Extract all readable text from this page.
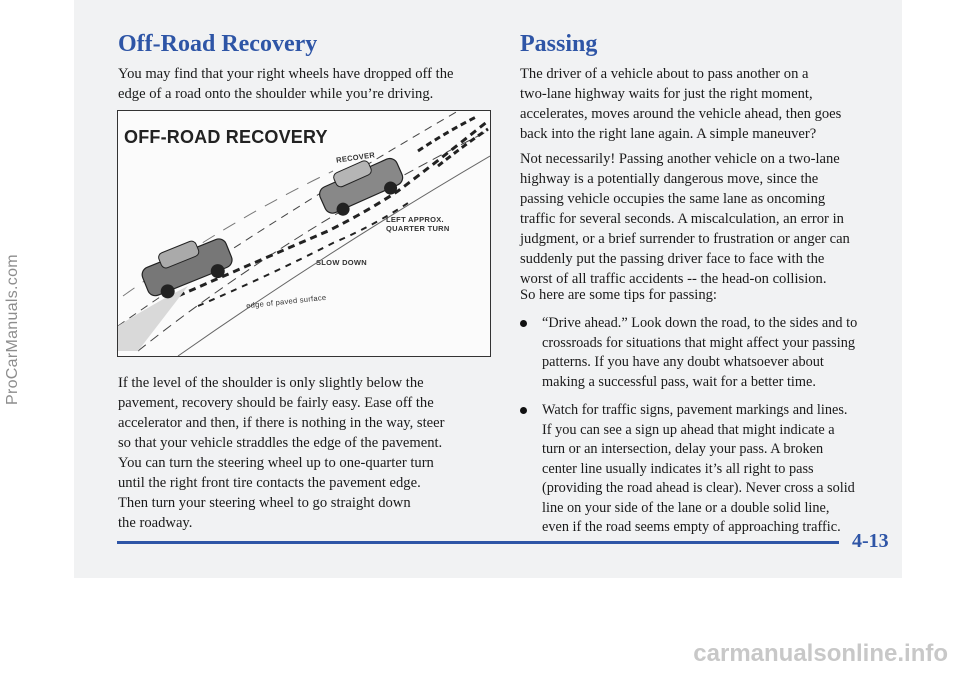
ProCarManuals.com
Off-Road Recovery
You may find that your right wheels have dropped off the
edge of a road onto the shoulder while you’re driving.
OFF-ROAD RECOVERY
RECOVER
LEFT APPROX.
QUARTER TURN
SLOW DOWN
edge of paved surface
If the level of the shoulder is only slightly below the
pavement, recovery should be fairly easy. Ease off the
accelerator and then, if there is nothing in the way, steer
so that your vehicle straddles the edge of the pavement.
You can turn the steering wheel up to one-quarter turn
until the right front tire contacts the pavement edge.
Then turn your steering wheel to go straight down
the roadway.
Passing
The driver of a vehicle about to pass another on a
two-lane highway waits for just the right moment,
accelerates, moves around the vehicle ahead, then goes
back into the right lane again. A simple maneuver?
Not necessarily! Passing another vehicle on a two-lane
highway is a potentially dangerous move, since the
passing vehicle occupies the same lane as oncoming
traffic for several seconds. A miscalculation, an error in
judgment, or a brief surrender to frustration or anger can
suddenly put the passing driver face to face with the
worst of all traffic accidents -- the head-on collision.
So here are some tips for passing:
“Drive ahead.” Look down the road, to the sides and to
crossroads for situations that might affect your passing
patterns. If you have any doubt whatsoever about
making a successful pass, wait for a better time.
Watch for traffic signs, pavement markings and lines.
If you can see a sign up ahead that might indicate a
turn or an intersection, delay your pass. A broken
center line usually indicates it’s all right to pass
(providing the road ahead is clear). Never cross a solid
line on your side of the lane or a double solid line,
even if the road seems empty of approaching traffic.
4-13
carmanualsonline.info
